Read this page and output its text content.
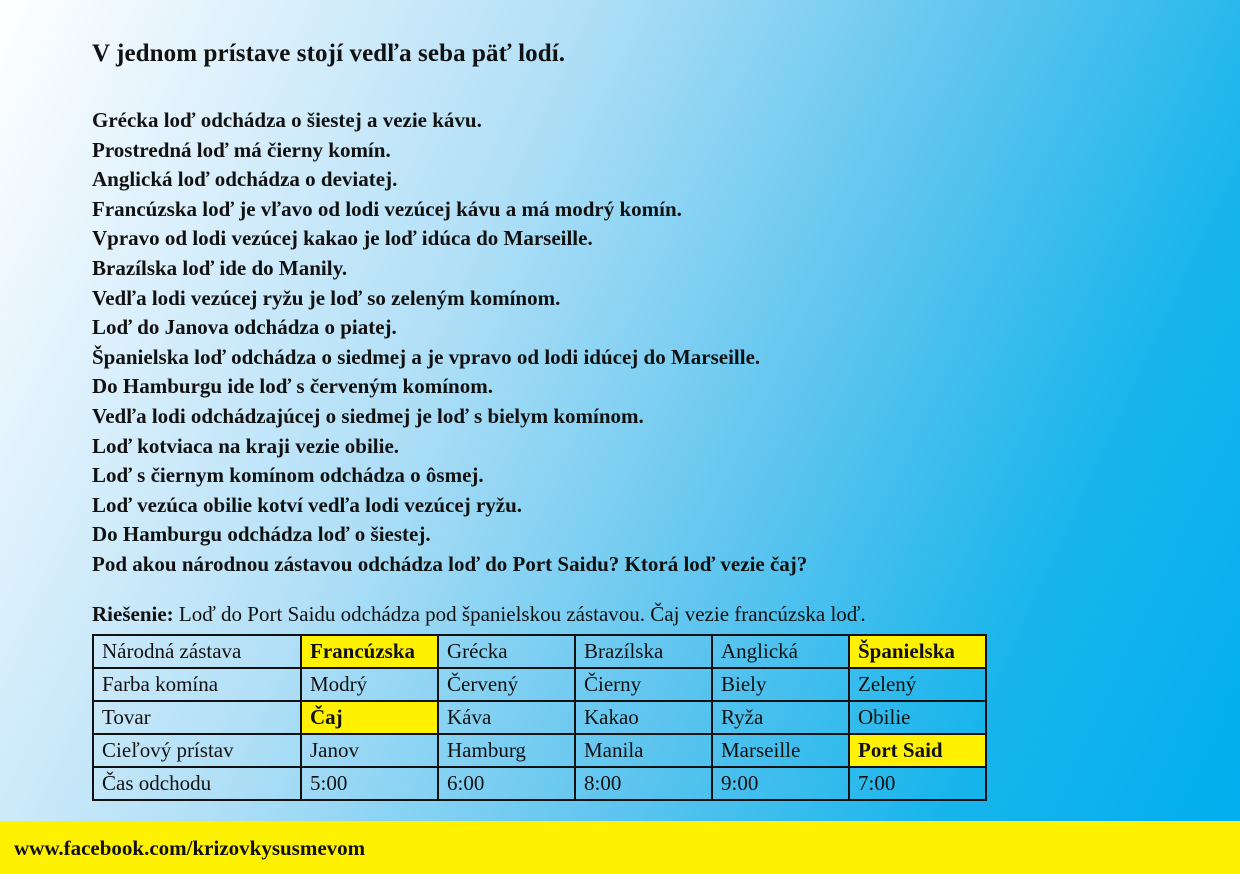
V jednom prístave stojí vedľa seba päť lodí.
Grécka loď odchádza o šiestej a vezie kávu.
Prostredná loď má čierny komín.
Anglická loď odchádza o deviatej.
Francúzska loď je vľavo od lodi vezúcej kávu a má modrý komín.
Vpravo od lodi vezúcej kakao je loď idúca do Marseille.
Brazílska loď ide do Manily.
Vedľa lodi vezúcej ryžu je loď so zeleným komínom.
Loď do Janova odchádza o piatej.
Španielska loď odchádza o siedmej a je vpravo od lodi idúcej do Marseille.
Do Hamburgu ide loď s červeným komínom.
Vedľa lodi odchádzajúcej o siedmej je loď s bielym komínom.
Loď kotviaca na kraji vezie obilie.
Loď s čiernym komínom odchádza o ôsmej.
Loď vezúca obilie kotví vedľa lodi vezúcej ryžu.
Do Hamburgu odchádza loď o šiestej.
Pod akou národnou zástavou odchádza loď do Port Saidu? Ktorá loď vezie čaj?
Riešenie: Loď do Port Saidu odchádza pod španielskou zástavou. Čaj vezie francúzska loď.
Národná zástava	Francúzska	Grécka	Brazílska	Anglická	Španielska
Farba komína	Modrý	Červený	Čierny	Biely	Zelený
Tovar	Čaj	Káva	Kakao	Ryža	Obilie
Cieľový prístav	Janov	Hamburg	Manila	Marseille	Port Said
Čas odchodu	5:00	6:00	8:00	9:00	7:00
www.facebook.com/krizovkysusmevom
